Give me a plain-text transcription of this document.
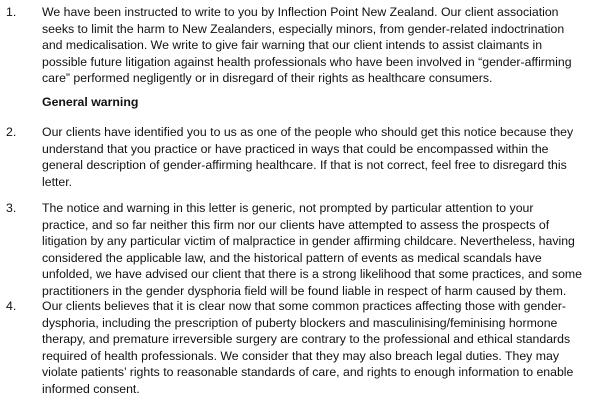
1.	We have been instructed to write to you by Inflection Point New Zealand. Our client association
seeks to limit the harm to New Zealanders, especially minors, from gender-related indoctrination
and medicalisation. We write to give fair warning that our client intends to assist claimants in
possible future litigation against health professionals who have been involved in “gender-affirming
care” performed negligently or in disregard of their rights as healthcare consumers.
General warning
2.	Our clients have identified you to us as one of the people who should get this notice because they
understand that you practice or have practiced in ways that could be encompassed within the
general description of gender-affirming healthcare. If that is not correct, feel free to disregard this
letter.
3.	The notice and warning in this letter is generic, not prompted by particular attention to your
practice, and so far neither this firm nor our clients have attempted to assess the prospects of
litigation by any particular victim of malpractice in gender affirming childcare. Nevertheless, having
considered the applicable law, and the historical pattern of events as medical scandals have
unfolded, we have advised our client that there is a strong likelihood that some practices, and some
practitioners in the gender dysphoria field will be found liable in respect of harm caused by them.
4.	Our clients believes that it is clear now that some common practices affecting those with gender-
dysphoria, including the prescription of puberty blockers and masculinising/feminising hormone
therapy, and premature irreversible surgery are contrary to the professional and ethical standards
required of health professionals. We consider that they may also breach legal duties. They may
violate patients’ rights to reasonable standards of care, and rights to enough information to enable
informed consent.
